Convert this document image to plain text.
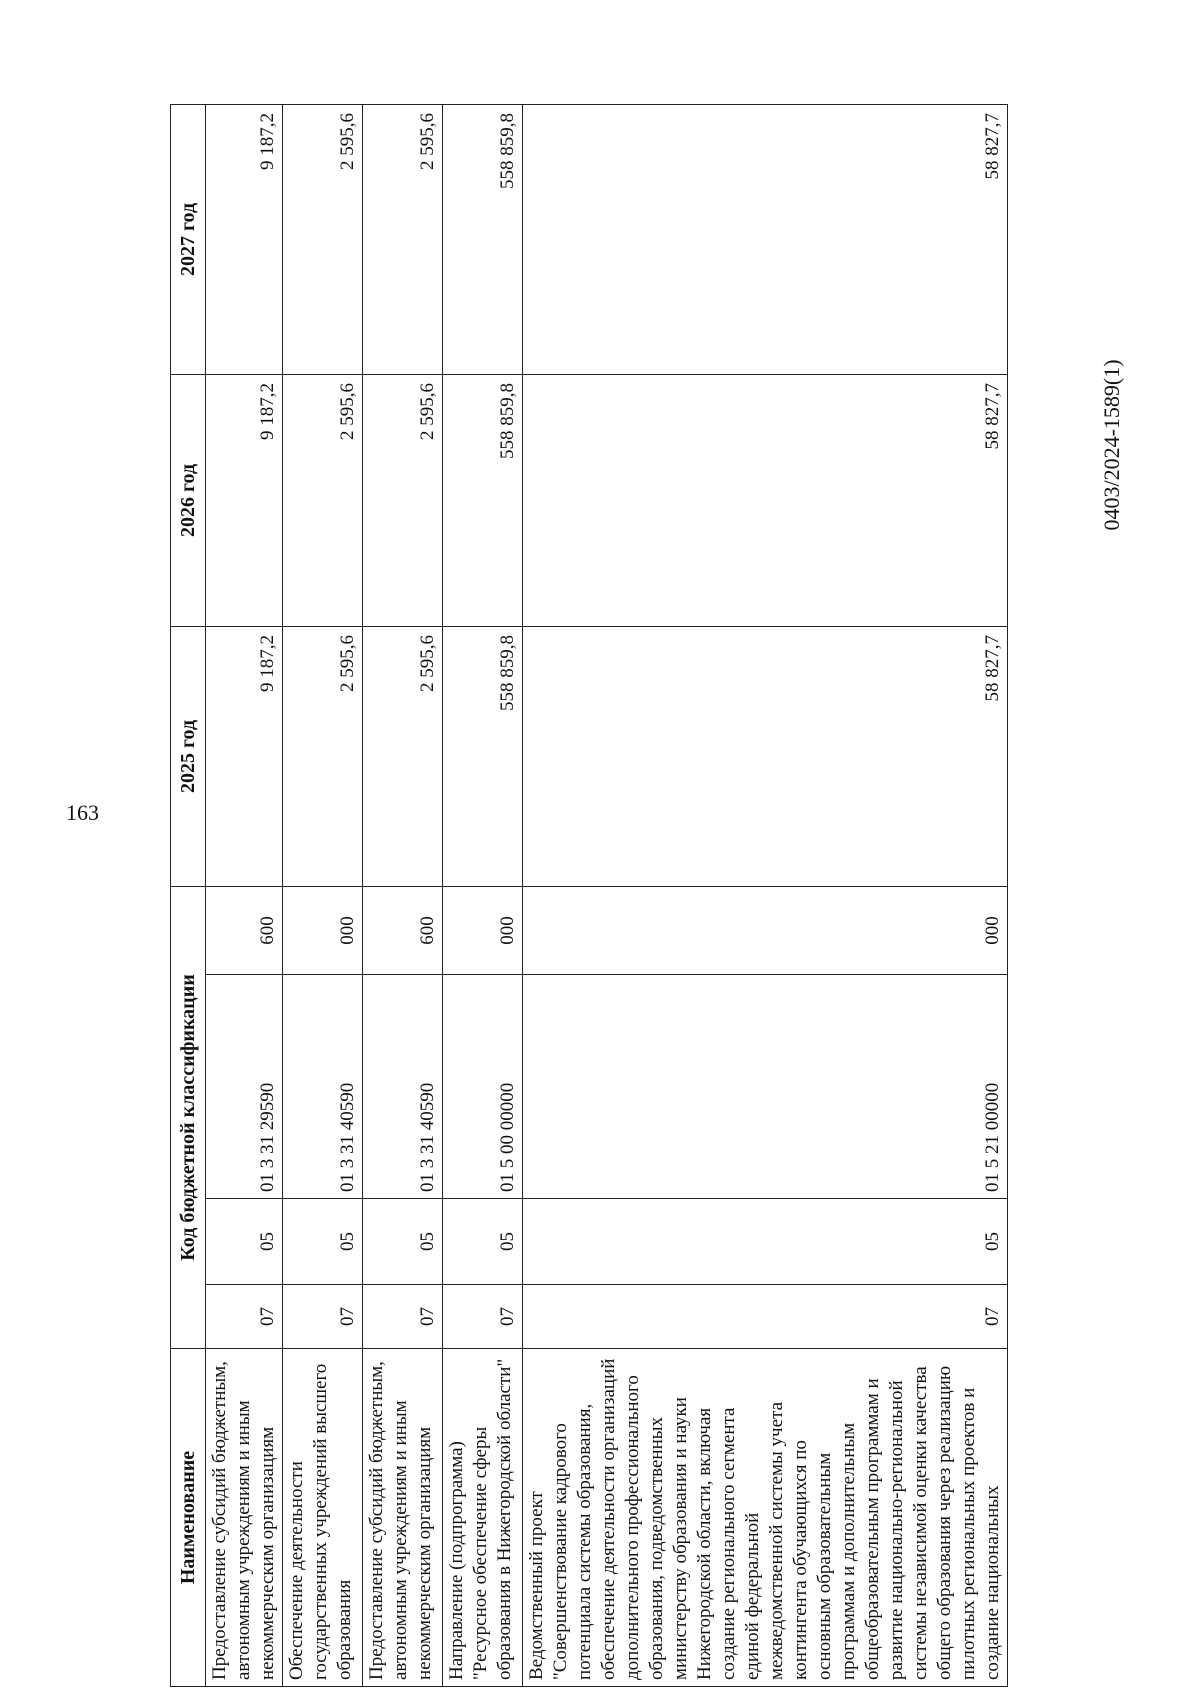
163
0403/2024-1589(1)
Наименование	Код бюджетной классификации				2025 год	2026 год	2027 год
Предоставление субсидий бюджетным, автономным учреждениям и иным некоммерческим организациям	07	05	01 3 31 29590	600	9 187,2	9 187,2	9 187,2
Обеспечение деятельности государственных учреждений высшего образования	07	05	01 3 31 40590	000	2 595,6	2 595,6	2 595,6
Предоставление субсидий бюджетным, автономным учреждениям и иным некоммерческим организациям	07	05	01 3 31 40590	600	2 595,6	2 595,6	2 595,6
Направление (подпрограмма) "Ресурсное обеспечение сферы образования в Нижегородской области"	07	05	01 5 00 00000	000	558 859,8	558 859,8	558 859,8
Ведомственный проект "Совершенствование кадрового потенциала системы образования, обеспечение деятельности организаций дополнительного профессионального образования, подведомственных министерству образования и науки Нижегородской области, включая создание регионального сегмента единой федеральной межведомственной системы учета контингента обучающихся по основным образовательным программам и дополнительным общеобразовательным программам и развитие национально-региональной системы независимой оценки качества общего образования через реализацию пилотных региональных проектов и создание национальных	07	05	01 5 21 00000	000	58 827,7	58 827,7	58 827,7
